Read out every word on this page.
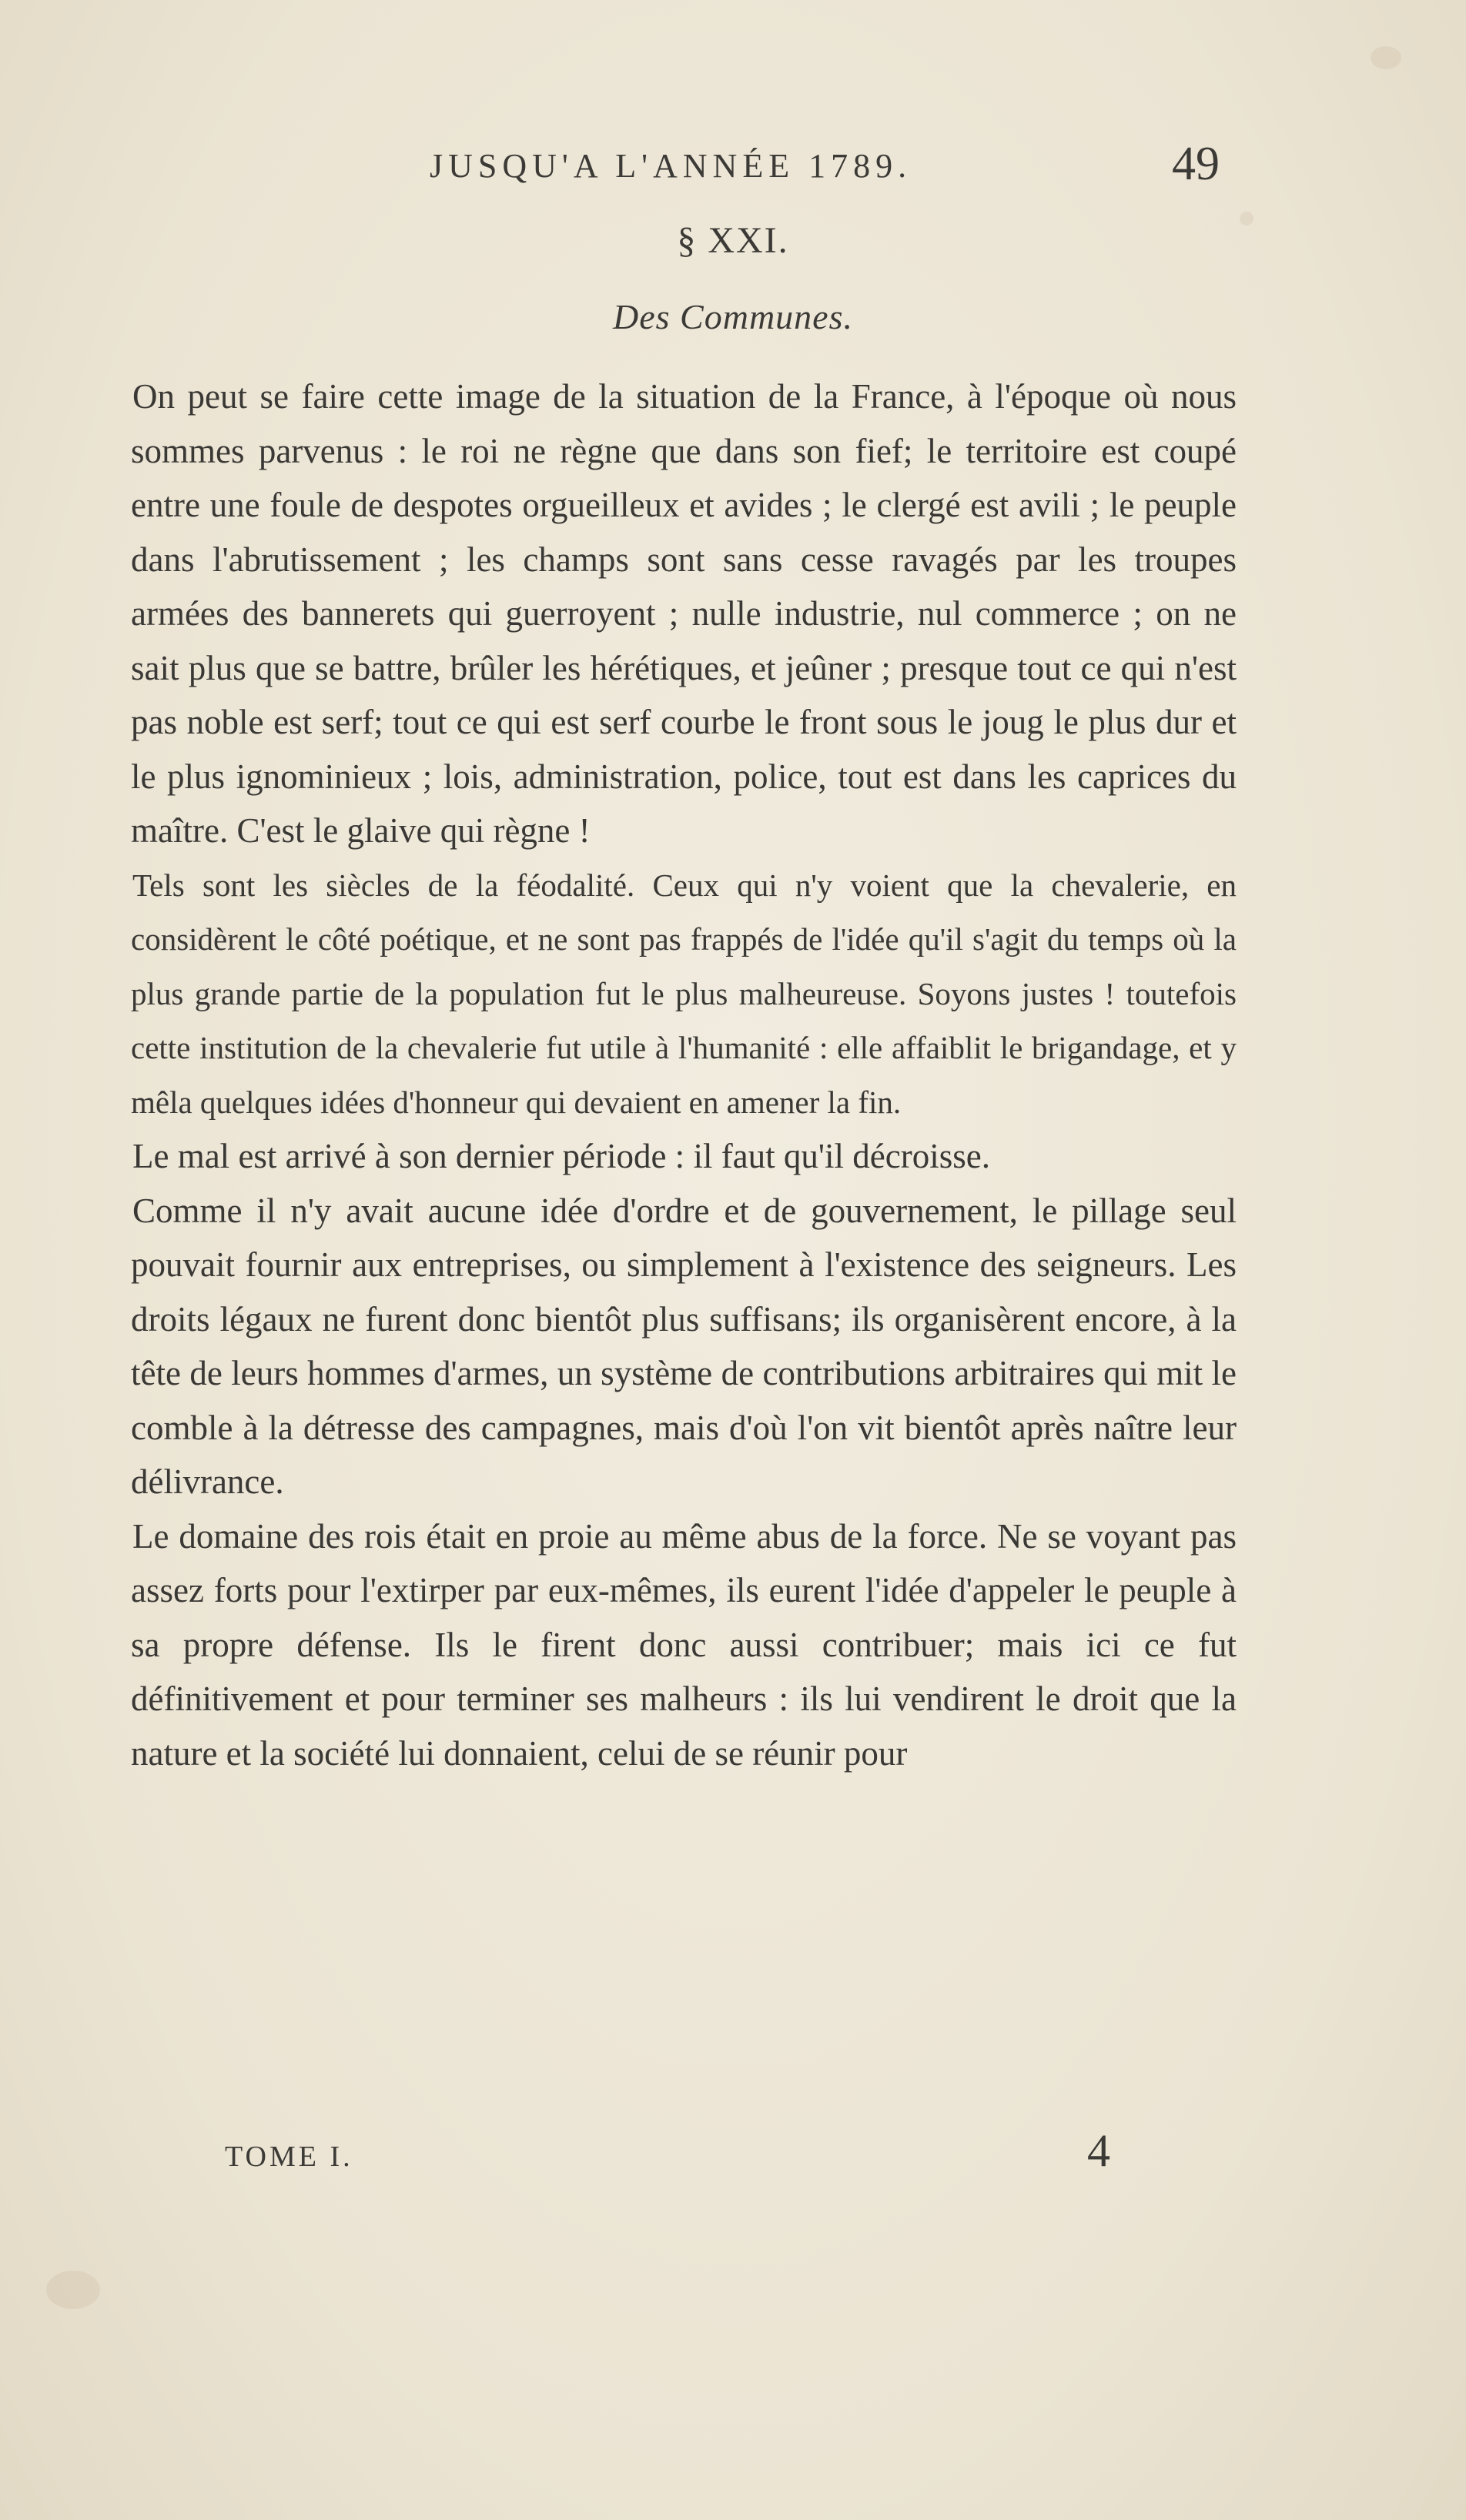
JUSQU'A L'ANNÉE 1789.	49
§ XXI.
Des Communes.

On peut se faire cette image de la situation de la France, à l'époque où nous sommes parvenus : le roi ne règne que dans son fief; le territoire est coupé entre une foule de despotes orgueilleux et avides ; le clergé est avili ; le peuple dans l'abrutissement ; les champs sont sans cesse ravagés par les troupes armées des bannerets qui guerroyent ; nulle industrie, nul commerce ; on ne sait plus que se battre, brûler les hérétiques, et jeûner ; presque tout ce qui n'est pas noble est serf; tout ce qui est serf courbe le front sous le joug le plus dur et le plus ignominieux ; lois, administration, police, tout est dans les caprices du maître. C'est le glaive qui règne !

Tels sont les siècles de la féodalité. Ceux qui n'y voient que la chevalerie, en considèrent le côté poétique, et ne sont pas frappés de l'idée qu'il s'agit du temps où la plus grande partie de la population fut le plus malheureuse. Soyons justes ! toutefois cette institution de la chevalerie fut utile à l'humanité : elle affaiblit le brigandage, et y mêla quelques idées d'honneur qui devaient en amener la fin.

Le mal est arrivé à son dernier période : il faut qu'il décroisse.

Comme il n'y avait aucune idée d'ordre et de gouvernement, le pillage seul pouvait fournir aux entreprises, ou simplement à l'existence des seigneurs. Les droits légaux ne furent donc bientôt plus suffisans; ils organisèrent encore, à la tête de leurs hommes d'armes, un système de contributions arbitraires qui mit le comble à la détresse des campagnes, mais d'où l'on vit bientôt après naître leur délivrance.

Le domaine des rois était en proie au même abus de la force. Ne se voyant pas assez forts pour l'extirper par eux-mêmes, ils eurent l'idée d'appeler le peuple à sa propre défense. Ils le firent donc aussi contribuer; mais ici ce fut définitivement et pour terminer ses malheurs : ils lui vendirent le droit que la nature et la société lui donnaient, celui de se réunir pour

TOME I.	4
